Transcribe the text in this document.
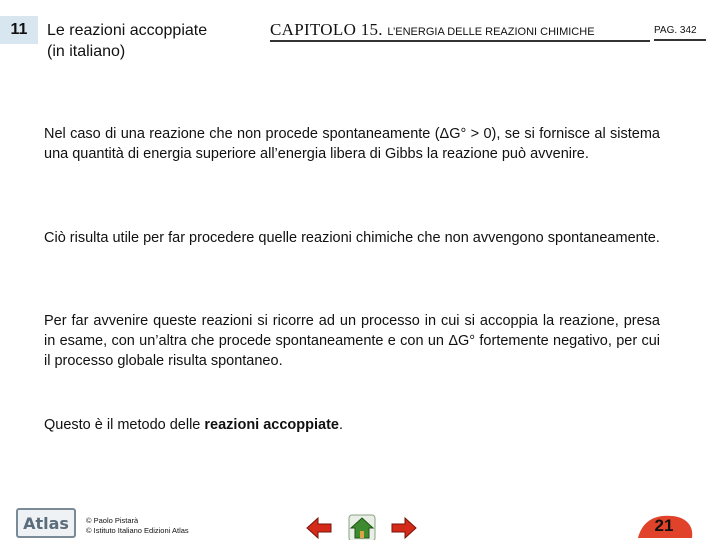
11 Le reazioni accoppiate
(in italiano)
CAPITOLO 15. L’ENERGIA DELLE REAZIONI CHIMICHE	PAG. 342
Nel caso di una reazione che non procede spontaneamente (ΔG° > 0), se si fornisce al sistema una quantità di energia superiore all’energia libera di Gibbs la reazione può avvenire.
Ciò risulta utile per far procedere quelle reazioni chimiche che non avvengono spontaneamente.
Per far avvenire queste reazioni si ricorre ad un processo in cui si accoppia la reazione, presa in esame, con un’altra che procede spontaneamente e con un ΔG° fortemente negativo, per cui il processo globale risulta spontaneo.
Questo è il metodo delle reazioni accoppiate.
Atlas © Paolo Pistarà
© Istituto Italiano Edizioni Atlas	21
